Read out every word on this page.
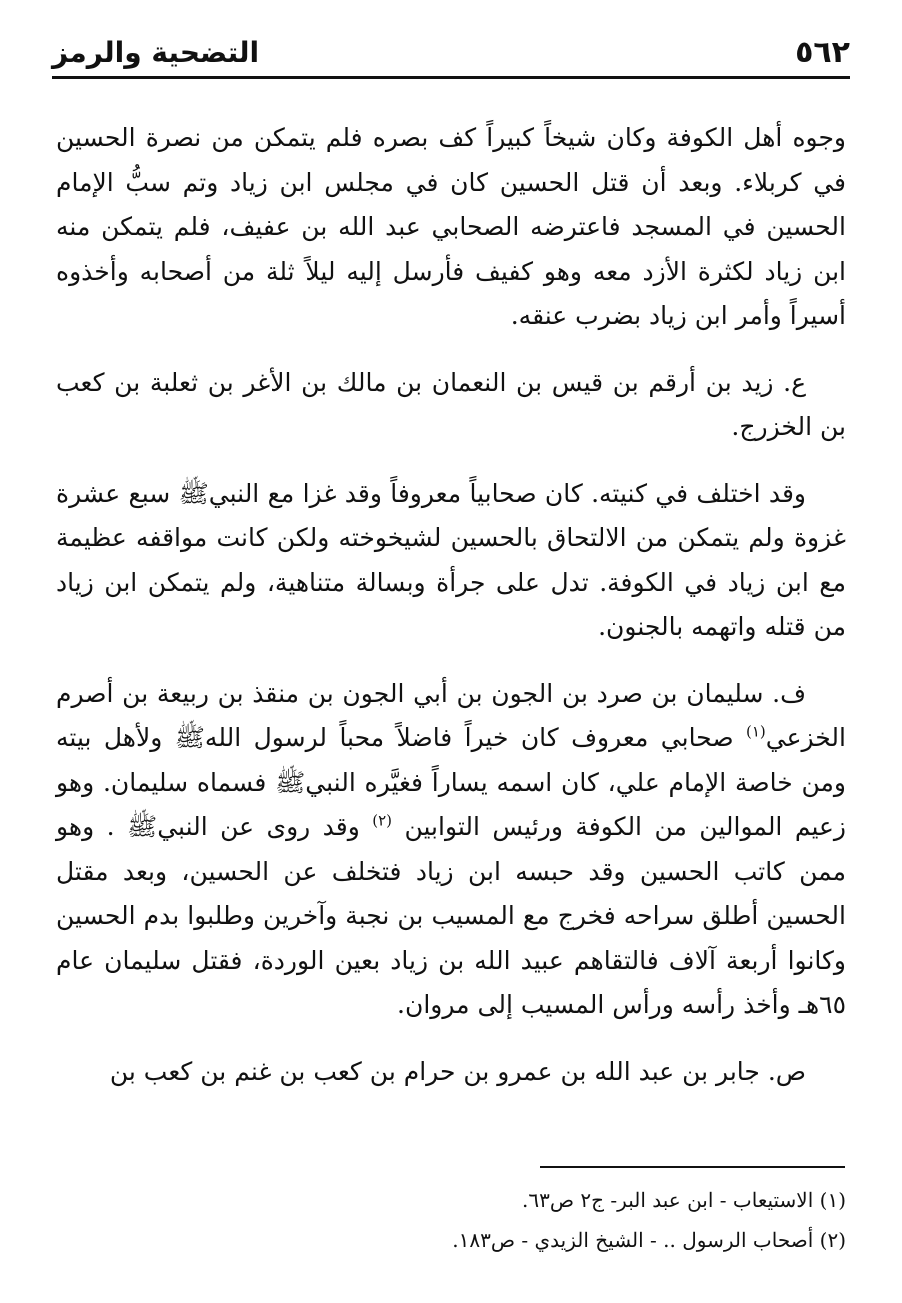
التضحية والرمز	٥٦٢

وجوه أهل الكوفة وكان شيخاً كبيراً كف بصره فلم يتمكن من نصرة الحسين في كربلاء. وبعد أن قتل الحسين كان في مجلس ابن زياد وتم سبُّ الإمام الحسين في المسجد فاعترضه الصحابي عبد الله بن عفيف، فلم يتمكن منه ابن زياد لكثرة الأزد معه وهو كفيف فأرسل إليه ليلاً ثلة من أصحابه وأخذوه أسيراً وأمر ابن زياد بضرب عنقه.

ع. زيد بن أرقم بن قيس بن النعمان بن مالك بن الأغر بن ثعلبة بن كعب بن الخزرج.

وقد اختلف في كنيته. كان صحابياً معروفاً وقد غزا مع النبيﷺ سبع عشرة غزوة ولم يتمكن من الالتحاق بالحسين لشيخوخته ولكن كانت مواقفه عظيمة مع ابن زياد في الكوفة. تدل على جرأة وبسالة متناهية، ولم يتمكن ابن زياد من قتله واتهمه بالجنون.

ف. سليمان بن صرد بن الجون بن أبي الجون بن منقذ بن ربيعة بن أصرم الخزعي$^{(١)}$ صحابي معروف كان خيراً فاضلاً محباً لرسول اللهﷺ ولأهل بيته ومن خاصة الإمام علي، كان اسمه يساراً فغيَّره النبيﷺ فسماه سليمان. وهو زعيم الموالين من الكوفة ورئيس التوابين $^{(٢)}$ وقد روى عن النبيﷺ . وهو ممن كاتب الحسين وقد حبسه ابن زياد فتخلف عن الحسين، وبعد مقتل الحسين أطلق سراحه فخرج مع المسيب بن نجبة وآخرين وطلبوا بدم الحسين وكانوا أربعة آلاف فالتقاهم عبيد الله بن زياد بعين الوردة، فقتل سليمان عام ٦٥هـ وأخذ رأسه ورأس المسيب إلى مروان.

ص. جابر بن عبد الله بن عمرو بن حرام بن كعب بن غنم بن كعب بن

(١) الاستيعاب - ابن عبد البر- ج٢ ص٦٣.
(٢) أصحاب الرسول .. - الشيخ الزيدي - ص١٨٣.
